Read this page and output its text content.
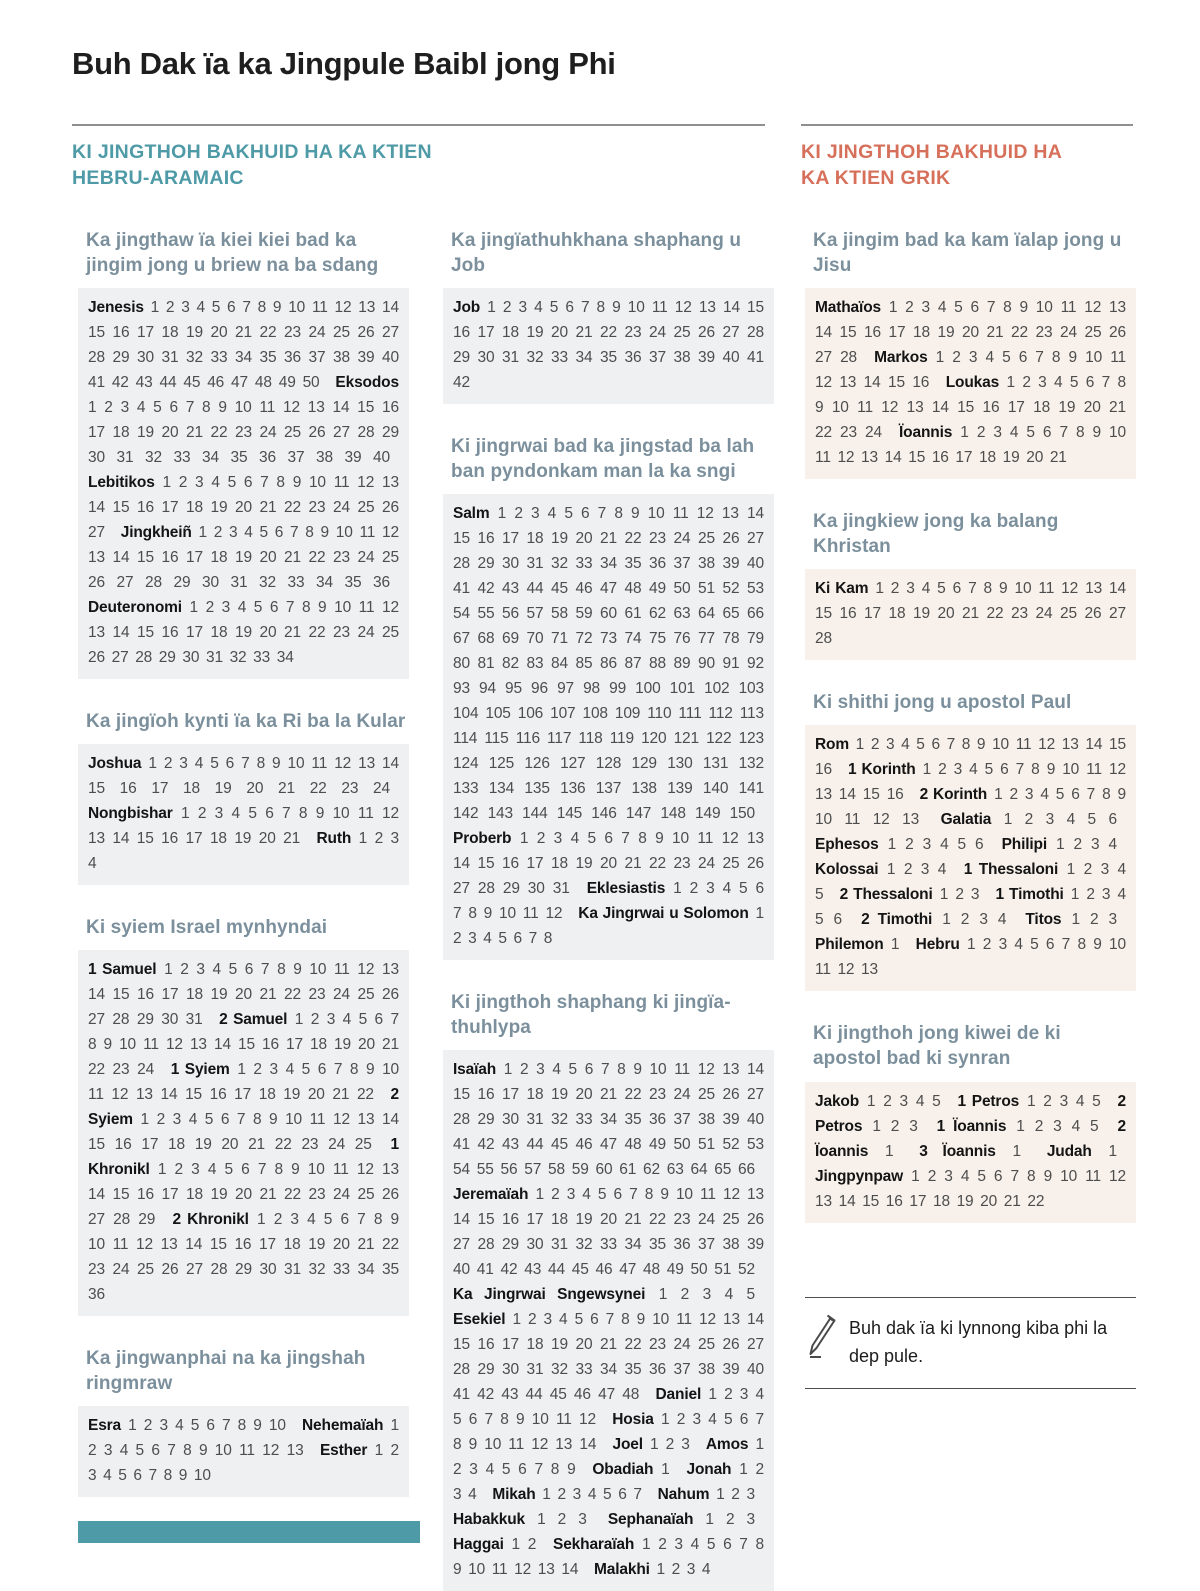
Buh Dak ïa ka Jingpule Baibl jong Phi
KI JINGTHOH BAKHUID HA KA KTIEN HEBRU-ARAMAIC
KI JINGTHOH BAKHUID HA KA KTIEN GRIK
Ka jingthaw ïa kiei kiei bad ka jingim jong u briew na ba sdang
Jenesis 1 2 3 4 5 6 7 8 9 10 11 12 13 14 15 16 17 18 19 20 21 22 23 24 25 26 27 28 29 30 31 32 33 34 35 36 37 38 39 40 41 42 43 44 45 46 47 48 49 50 Eksodos 1 2 3 4 5 6 7 8 9 10 11 12 13 14 15 16 17 18 19 20 21 22 23 24 25 26 27 28 29 30 31 32 33 34 35 36 37 38 39 40 Lebitikos 1 2 3 4 5 6 7 8 9 10 11 12 13 14 15 16 17 18 19 20 21 22 23 24 25 26 27 Jingkheiñ 1 2 3 4 5 6 7 8 9 10 11 12 13 14 15 16 17 18 19 20 21 22 23 24 25 26 27 28 29 30 31 32 33 34 35 36 Deuteronomi 1 2 3 4 5 6 7 8 9 10 11 12 13 14 15 16 17 18 19 20 21 22 23 24 25 26 27 28 29 30 31 32 33 34
Ka jingïoh kynti ïa ka Ri ba la Kular
Joshua 1 2 3 4 5 6 7 8 9 10 11 12 13 14 15 16 17 18 19 20 21 22 23 24 Nongbishar 1 2 3 4 5 6 7 8 9 10 11 12 13 14 15 16 17 18 19 20 21 Ruth 1 2 3 4
Ki syiem Israel mynhyndai
1 Samuel 1 2 3 4 5 6 7 8 9 10 11 12 13 14 15 16 17 18 19 20 21 22 23 24 25 26 27 28 29 30 31 2 Samuel 1 2 3 4 5 6 7 8 9 10 11 12 13 14 15 16 17 18 19 20 21 22 23 24 1 Syiem 1 2 3 4 5 6 7 8 9 10 11 12 13 14 15 16 17 18 19 20 21 22 2 Syiem 1 2 3 4 5 6 7 8 9 10 11 12 13 14 15 16 17 18 19 20 21 22 23 24 25 1 Khronikl 1 2 3 4 5 6 7 8 9 10 11 12 13 14 15 16 17 18 19 20 21 22 23 24 25 26 27 28 29 2 Khronikl 1 2 3 4 5 6 7 8 9 10 11 12 13 14 15 16 17 18 19 20 21 22 23 24 25 26 27 28 29 30 31 32 33 34 35 36
Ka jingwanphai na ka jingshah ringmraw
Esra 1 2 3 4 5 6 7 8 9 10 Nehemaïah 1 2 3 4 5 6 7 8 9 10 11 12 13 Esther 1 2 3 4 5 6 7 8 9 10
Ka jingïathuhkhana shaphang u Job
Job 1 2 3 4 5 6 7 8 9 10 11 12 13 14 15 16 17 18 19 20 21 22 23 24 25 26 27 28 29 30 31 32 33 34 35 36 37 38 39 40 41 42
Ki jingrwai bad ka jingstad ba lah ban pyndonkam man la ka sngi
Salm 1 2 3 4 5 6 7 8 9 10 11 12 13 14 15 16 17 18 19 20 21 22 23 24 25 26 27 28 29 30 31 32 33 34 35 36 37 38 39 40 41 42 43 44 45 46 47 48 49 50 51 52 53 54 55 56 57 58 59 60 61 62 63 64 65 66 67 68 69 70 71 72 73 74 75 76 77 78 79 80 81 82 83 84 85 86 87 88 89 90 91 92 93 94 95 96 97 98 99 100 101 102 103 104 105 106 107 108 109 110 111 112 113 114 115 116 117 118 119 120 121 122 123 124 125 126 127 128 129 130 131 132 133 134 135 136 137 138 139 140 141 142 143 144 145 146 147 148 149 150 Proberb 1 2 3 4 5 6 7 8 9 10 11 12 13 14 15 16 17 18 19 20 21 22 23 24 25 26 27 28 29 30 31 Eklesiastis 1 2 3 4 5 6 7 8 9 10 11 12 Ka Jingrwai u Solomon 1 2 3 4 5 6 7 8
Ki jingthoh shaphang ki jingïa-thuhlypa
Isaïah 1 2 3 4 5 6 7 8 9 10 11 12 13 14 15 16 17 18 19 20 21 22 23 24 25 26 27 28 29 30 31 32 33 34 35 36 37 38 39 40 41 42 43 44 45 46 47 48 49 50 51 52 53 54 55 56 57 58 59 60 61 62 63 64 65 66 Jeremaïah 1 2 3 4 5 6 7 8 9 10 11 12 13 14 15 16 17 18 19 20 21 22 23 24 25 26 27 28 29 30 31 32 33 34 35 36 37 38 39 40 41 42 43 44 45 46 47 48 49 50 51 52 Ka Jingrwai Sngewsynei 1 2 3 4 5 Esekiel 1 2 3 4 5 6 7 8 9 10 11 12 13 14 15 16 17 18 19 20 21 22 23 24 25 26 27 28 29 30 31 32 33 34 35 36 37 38 39 40 41 42 43 44 45 46 47 48 Daniel 1 2 3 4 5 6 7 8 9 10 11 12 Hosia 1 2 3 4 5 6 7 8 9 10 11 12 13 14 Joel 1 2 3 Amos 1 2 3 4 5 6 7 8 9 Obadiah 1 Jonah 1 2 3 4 Mikah 1 2 3 4 5 6 7 Nahum 1 2 3 Habakkuk 1 2 3 Sephanaïah 1 2 3 Haggai 1 2 Sekharaïah 1 2 3 4 5 6 7 8 9 10 11 12 13 14 Malakhi 1 2 3 4
Ka jingim bad ka kam ïalap jong u Jisu
Mathaïos 1 2 3 4 5 6 7 8 9 10 11 12 13 14 15 16 17 18 19 20 21 22 23 24 25 26 27 28 Markos 1 2 3 4 5 6 7 8 9 10 11 12 13 14 15 16 Loukas 1 2 3 4 5 6 7 8 9 10 11 12 13 14 15 16 17 18 19 20 21 22 23 24 Ïoannis 1 2 3 4 5 6 7 8 9 10 11 12 13 14 15 16 17 18 19 20 21
Ka jingkiew jong ka balang Khristan
Ki Kam 1 2 3 4 5 6 7 8 9 10 11 12 13 14 15 16 17 18 19 20 21 22 23 24 25 26 27 28
Ki shithi jong u apostol Paul
Rom 1 2 3 4 5 6 7 8 9 10 11 12 13 14 15 16 1 Korinth 1 2 3 4 5 6 7 8 9 10 11 12 13 14 15 16 2 Korinth 1 2 3 4 5 6 7 8 9 10 11 12 13 Galatia 1 2 3 4 5 6 Ephesos 1 2 3 4 5 6 Philipi 1 2 3 4 Kolossai 1 2 3 4 1 Thessaloni 1 2 3 4 5 2 Thessaloni 1 2 3 1 Timothi 1 2 3 4 5 6 2 Timothi 1 2 3 4 Titos 1 2 3 Philemon 1 Hebru 1 2 3 4 5 6 7 8 9 10 11 12 13
Ki jingthoh jong kiwei de ki apostol bad ki synran
Jakob 1 2 3 4 5 1 Petros 1 2 3 4 5 2 Petros 1 2 3 1 Ïoannis 1 2 3 4 5 2 Ïoannis 1 3 Ïoannis 1 Judah 1 Jingpynpaw 1 2 3 4 5 6 7 8 9 10 11 12 13 14 15 16 17 18 19 20 21 22
Buh dak ïa ki lynnong kiba phi la dep pule.
